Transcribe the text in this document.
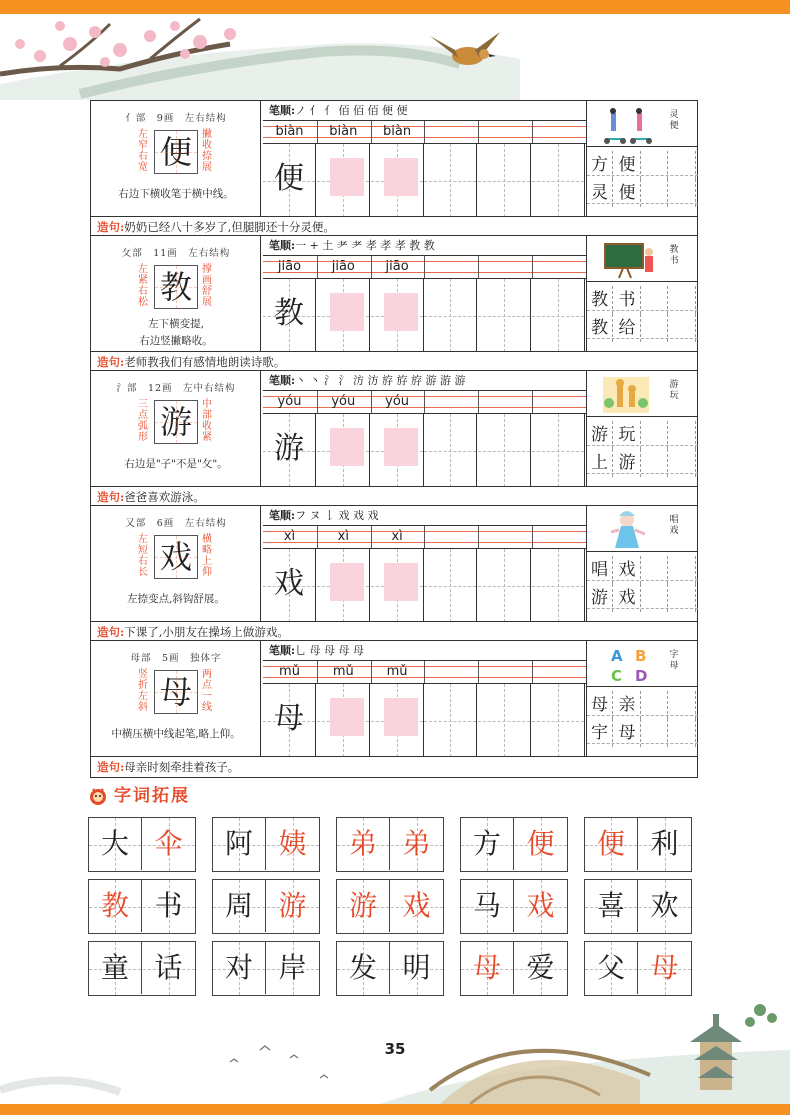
亻部　9画　左右结构
左窄右宽 便	撇收捺展
右边下横收笔于横中线。
笔顺:ノ 亻 亻 佰 佰 佰 便 便
biàn	biàn	biàn
便
灵便
方 便
灵 便
造句:奶奶已经八十多岁了,但腿脚还十分灵便。
攵部　11画　左右结构
左紧右松 教	撑画舒展
左下横变提,
右边竖撇略收。
笔顺:一 + 土 耂 耂 孝 孝 孝 教 教
jiāo	jiāo	jiāo
教
教书
教 书
教 给
造句:老师教我们有感情地朗读诗歌。
氵部　12画　左中右结构
三点弧形 游	中部收紧
右边是"子"不是"攵"。
笔顺:丶 丶 氵 氵 汸 汸 斿 斿 斿 游 游 游
yóu	yóu	yóu
游
游玩
游 玩
上 游
造句:爸爸喜欢游泳。
又部　6画　左右结构
左短右长 戏	横略上仰
左捺变点,斜钩舒展。
笔顺:フ ヌ 𠄌 戏 戏 戏
xì	xì	xì
戏
唱戏
唱 戏
游 戏
造句:下课了,小朋友在操场上做游戏。
母部　5画　独体字
竖折左斜 母	两点一线
中横压横中线起笔,略上仰。
笔顺:乚 母 母 母 母
mǔ	mǔ	mǔ
母
A B
C D
字母
母 亲
宇 母
造句:母亲时刻牵挂着孩子。
字词拓展
大 伞	阿 姨	弟 弟	方 便	便 利
教 书	周 游	游 戏	马 戏	喜 欢
童 话	对 岸	发 明	母 爱	父 母
35
